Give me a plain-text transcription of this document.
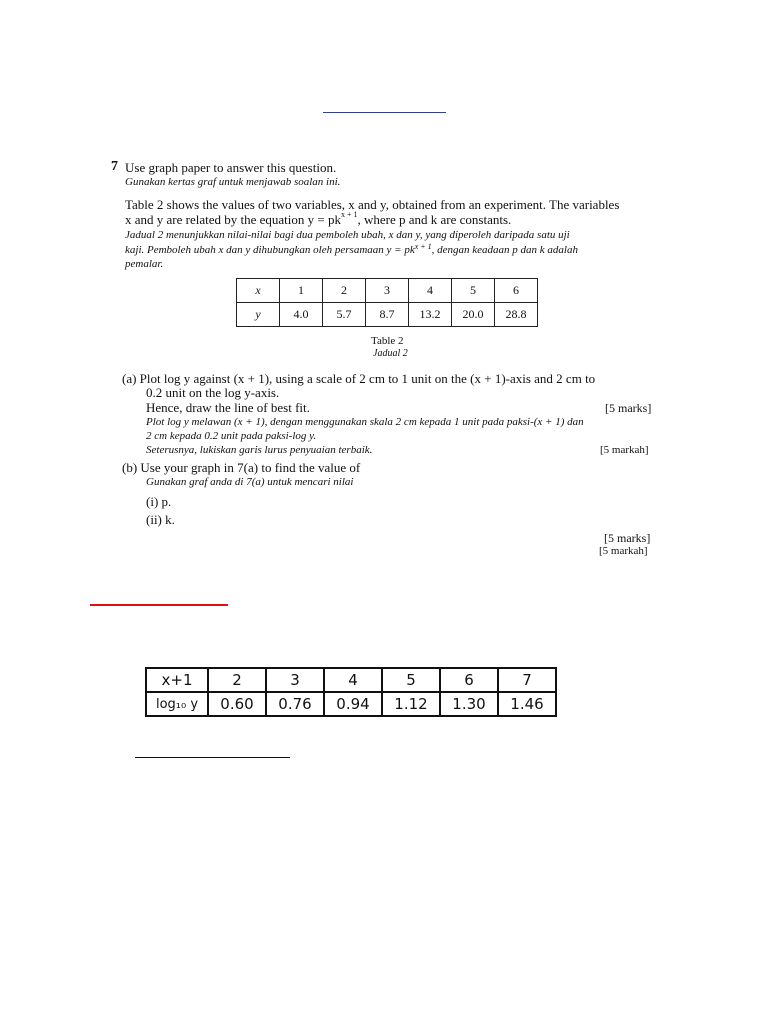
7 Use graph paper to answer this question.
Gunakan kertas graf untuk menjawab soalan ini.
Table 2 shows the values of two variables, x and y, obtained from an experiment. The variables
x and y are related by the equation $y = pk^{x + 1}$, where p and k are constants.
Jadual 2 menunjukkan nilai-nilai bagi dua pemboleh ubah, x dan y, yang diperoleh daripada satu uji
kaji. Pemboleh ubah x dan y dihubungkan oleh persamaan $y = pk^{x + 1}$, dengan keadaan p dan k adalah
pemalar.
x	1	2	3	4	5	6
y	4.0	5.7	8.7	13.2	20.0	28.8
Table 2
Jadual 2
(a) Plot log y against (x + 1), using a scale of 2 cm to 1 unit on the (x + 1)-axis and 2 cm to
0.2 unit on the log y-axis.
Hence, draw the line of best fit.	[5 marks]
Plot log y melawan (x + 1), dengan menggunakan skala 2 cm kepada 1 unit pada paksi-(x + 1) dan
2 cm kepada 0.2 unit pada paksi-log y.
Seterusnya, lukiskan garis lurus penyuaian terbaik.	[5 markah]
(b) Use your graph in 7(a) to find the value of
Gunakan graf anda di 7(a) untuk mencari nilai
(i) p.
(ii) k.
[5 marks]
[5 markah]
x+1	2	3	4	5	6	7
log₁₀ y	0.60	0.76	0.94	1.12	1.30	1.46
